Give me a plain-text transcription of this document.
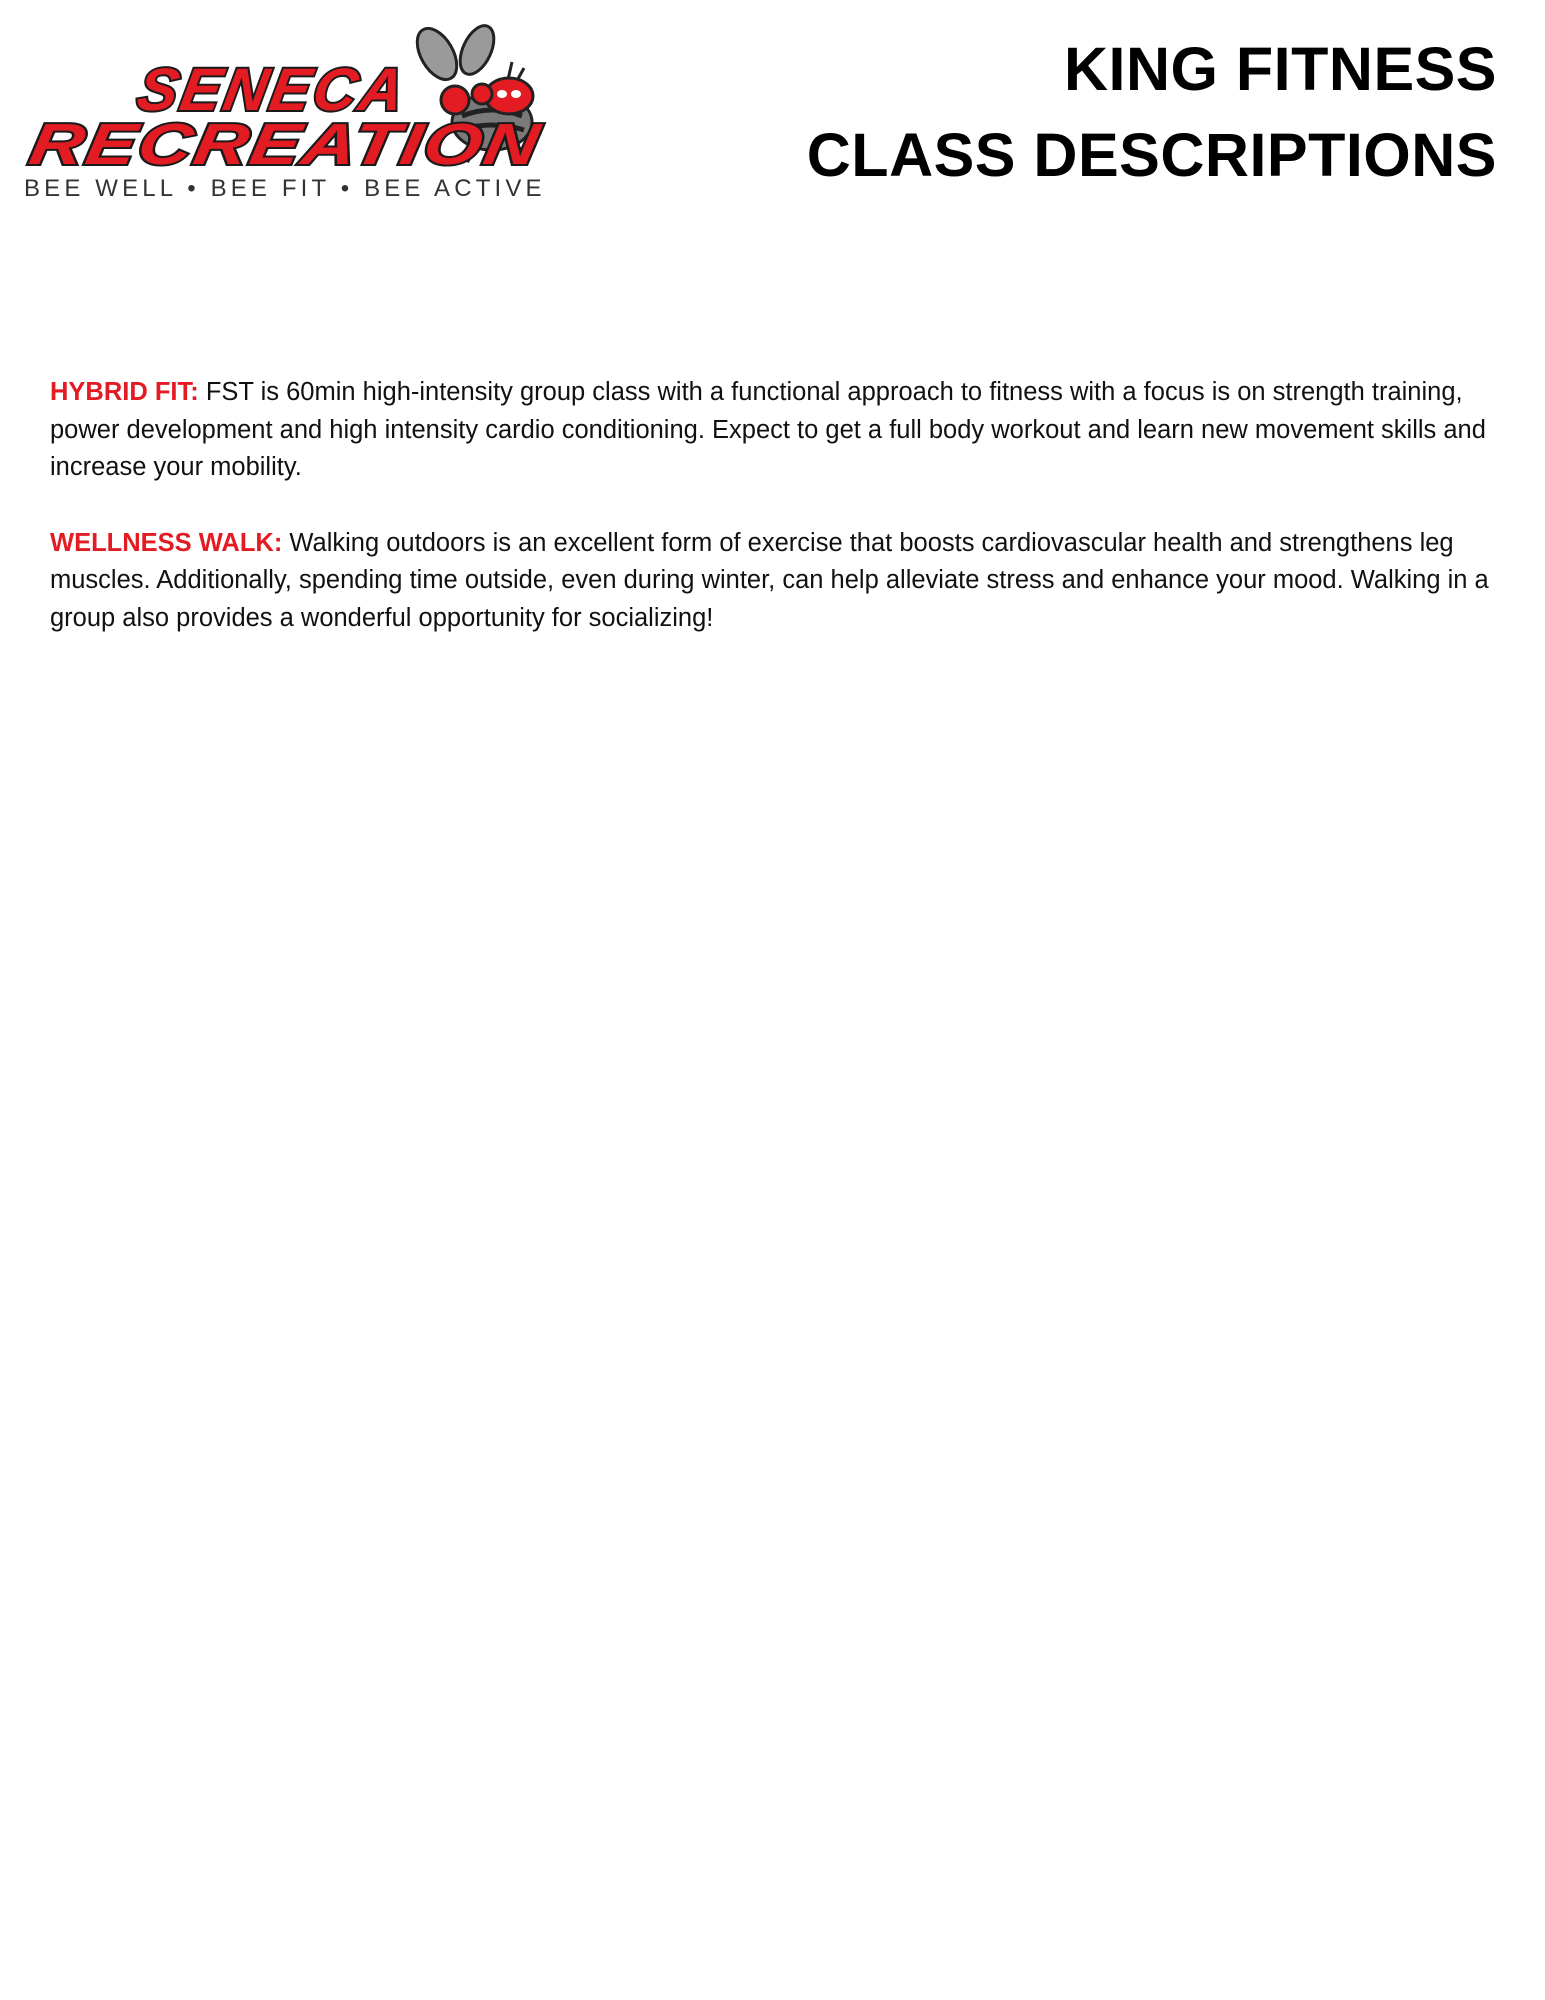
SENECA
RECREATION
BEE WELL • BEE FIT • BEE ACTIVE
KING FITNESS
CLASS DESCRIPTIONS

HYBRID FIT: FST is 60min high-intensity group class with a functional approach to fitness with a focus is on strength training, power development and high intensity cardio conditioning. Expect to get a full body workout and learn new movement skills and increase your mobility.

WELLNESS WALK: Walking outdoors is an excellent form of exercise that boosts cardiovascular health and strengthens leg muscles. Additionally, spending time outside, even during winter, can help alleviate stress and enhance your mood. Walking in a group also provides a wonderful opportunity for socializing!
